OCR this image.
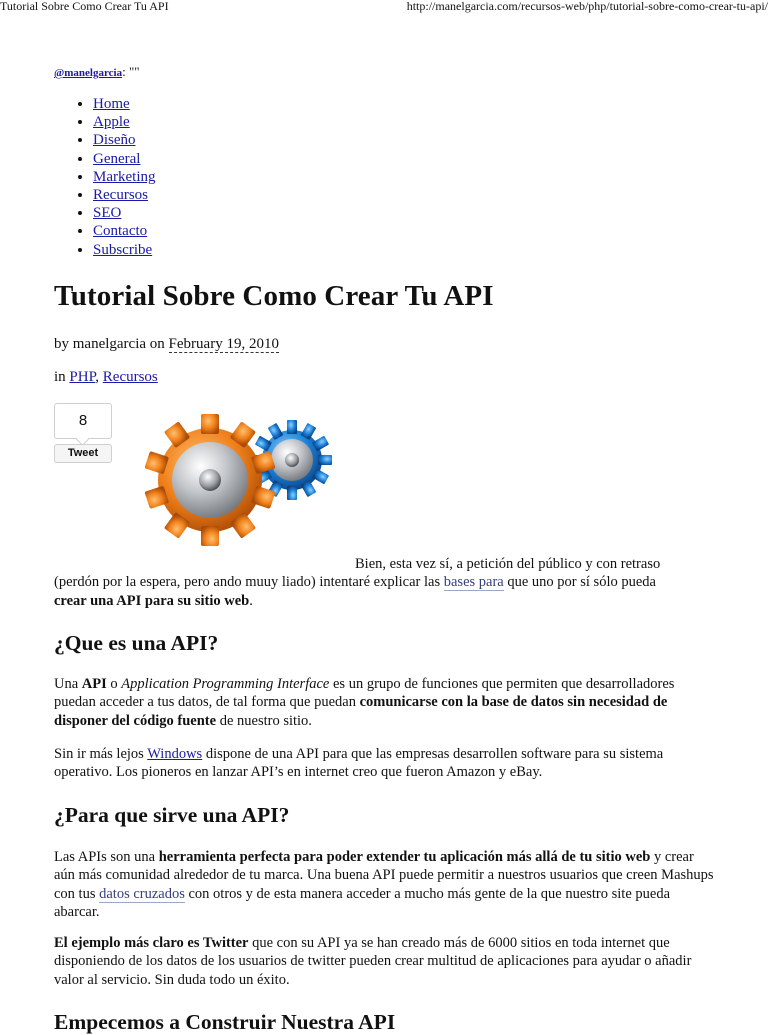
Tutorial Sobre Como Crear Tu API	http://manelgarcia.com/recursos-web/php/tutorial-sobre-como-crear-tu-api/
@manelgarcia: ""
• Home
• Apple
• Diseño
• General
• Marketing
• Recursos
• SEO
• Contacto
• Subscribe
Tutorial Sobre Como Crear Tu API
by manelgarcia on February 19, 2010
in PHP, Recursos
8
Tweet
Bien, esta vez sí, a petición del público y con retraso
(perdón por la espera, pero ando muuy liado) intentaré explicar las bases para que uno por sí sólo pueda
crear una API para su sitio web.
¿Que es una API?
Una API o Application Programming Interface es un grupo de funciones que permiten que desarrolladores puedan acceder a tus datos, de tal forma que puedan comunicarse con la base de datos sin necesidad de disponer del código fuente de nuestro sitio.
Sin ir más lejos Windows dispone de una API para que las empresas desarrollen software para su sistema operativo. Los pioneros en lanzar API’s en internet creo que fueron Amazon y eBay.
¿Para que sirve una API?
Las APIs son una herramienta perfecta para poder extender tu aplicación más allá de tu sitio web y crear aún más comunidad alrededor de tu marca. Una buena API puede permitir a nuestros usuarios que creen Mashups con tus datos cruzados con otros y de esta manera acceder a mucho más gente de la que nuestro site pueda abarcar.
El ejemplo más claro es Twitter que con su API ya se han creado más de 6000 sitios en toda internet que disponiendo de los datos de los usuarios de twitter pueden crear multitud de aplicaciones para ayudar o añadir valor al servicio. Sin duda todo un éxito.
Empecemos a Construir Nuestra API
